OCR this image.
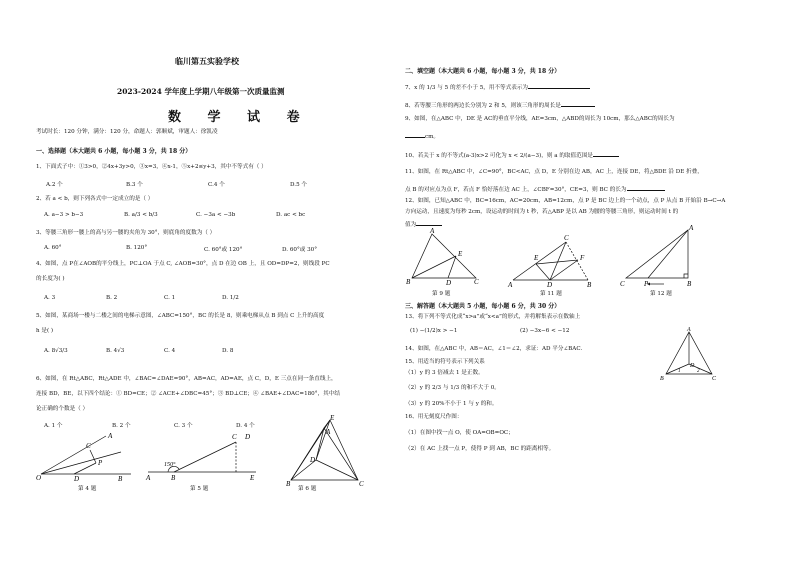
临川第五实验学校
2023-2024 学年度上学期八年级第一次质量监测
数 学 试 卷
考试时长：120 分钟，满分：120 分，命题人：郭顺斌，审题人：徐凯凌
一、选择题（本大题共 6 小题，每小题 3 分，共 18 分）
1、下面式子中：①3>0，②4x+3y>0，③x=3，④x-1，⑤x+2≤y+3，其中不等式有（ ）
A.2 个	B.3 个	C.4 个	D.5 个
2、若 a < b，则下列各式中一定成立的是（ ）
A. a−3 > b−3	B. a/3 < b/3	C. −3a < −3b	D. ac < bc
3、等腰三角形一腰上的高与另一腰的夹角为 30°，则底角的度数为（ ）
A. 60°	B. 120°	C. 60°或 120°	D. 60°或 30°
4、如图，点 P在∠AOB的平分线上，PC⊥OA 于点 C, ∠AOB=30°，点 D 在边 OB 上，且 OD=DP=2，则线段 PC
的长度为( )
A. 3	B. 2	C. 1	D. 1/2
5、如图，某商场一楼与二楼之间的电梯示意图，∠ABC=150°，BC 的长是 8，则乘电梯从点 B 到点 C 上升的高度
h 是( )
A. 8√3/3	B. 4√3	C. 4	D. 8
6、如图，在 Rt△ABC，Rt△ADE 中，∠BAC=∠DAE=90°，AB=AC，AD=AE，点 C，D，E 三点在同一条直线上，
连接 BD，BE，以下四个结论：① BD=CE；② ∠ACE+∠DBC=45°；③ BD⊥CE；④ ∠BAE+∠DAC=180°，其中结
论正确的个数是（ ）
A. 1 个	B. 2 个	C. 3 个	D. 4 个
O	D	B
C
A
P
第 4 题
A	B
C D
E
150°
第 5 题
E
A
D
B	C
第 6 题
二、填空题（本大题共 6 小题，每小题 3 分，共 18 分）
7、x 的 1/3 与 5 的差不小于 5，用不等式表示为
8、若等腰三角形的两边长分别为 2 和 5，则该三角形的周长是
9、如图，在△ABC 中，DE 是 AC的垂直平分线，AE=3cm，△ABD的周长为 10cm，那么△ABC的周长为
cm。
10、若关于 x 的不等式(a-3)x>2 可化为 x < 2/(a−3)，则 a 的取值范围是
11、如图，在 Rt△ABC 中，∠C=90°，BC<AC，点 D，E 分别在边 AB，AC 上，连接 DE，将△BDE 沿 DE 折叠，
点 B 的对应点为点 F，若点 F 恰好落在边 AC 上，∠CBF=30°，CE=3，则 BC 的长为
12、如图，已知△ABC 中，BC=16cm，AC=20cm，AB=12cm，点 P 是 BC 边上的一个动点，点 P 从点 B 开始沿 B→C→A
方向运动，且速度为每秒 2cm，设运动的时间为 t 秒，若△ABP 是以 AB 为腰的等腰三角形，则运动时间 t 的
值为
A
E
B	D	C
第 9 题
C
F
E
A	D	B
第 11 题
A
C	P	B
第 12 题
三、解答题（本大题共 5 小题，每小题 6 分，共 30 分）
13、将下列不等式化成“x>a”或“x<a”的形式，并将解集表示在数轴上
(1) −(1/2)x > −1	(2) −3x−6 < −12
14、如图，在△ABC 中，AB＝AC，∠1＝∠2，求证：AD 平分∠BAC．
A
D
B	C
1	2
15、用适当的符号表示下列关系
（1）y 的 3 倍减去 1 是正数。
（2）y 的 2/3 与 1/3 的和不大于 0。
（3）y 的 20%不小于 1 与 y 的和。
16、用无刻度尺作图：
（1）在图中找一点 O，使 OA=OB=OC；
（2）在 AC 上找一点 P，使得 P 到 AB，BC 的距离相等。
